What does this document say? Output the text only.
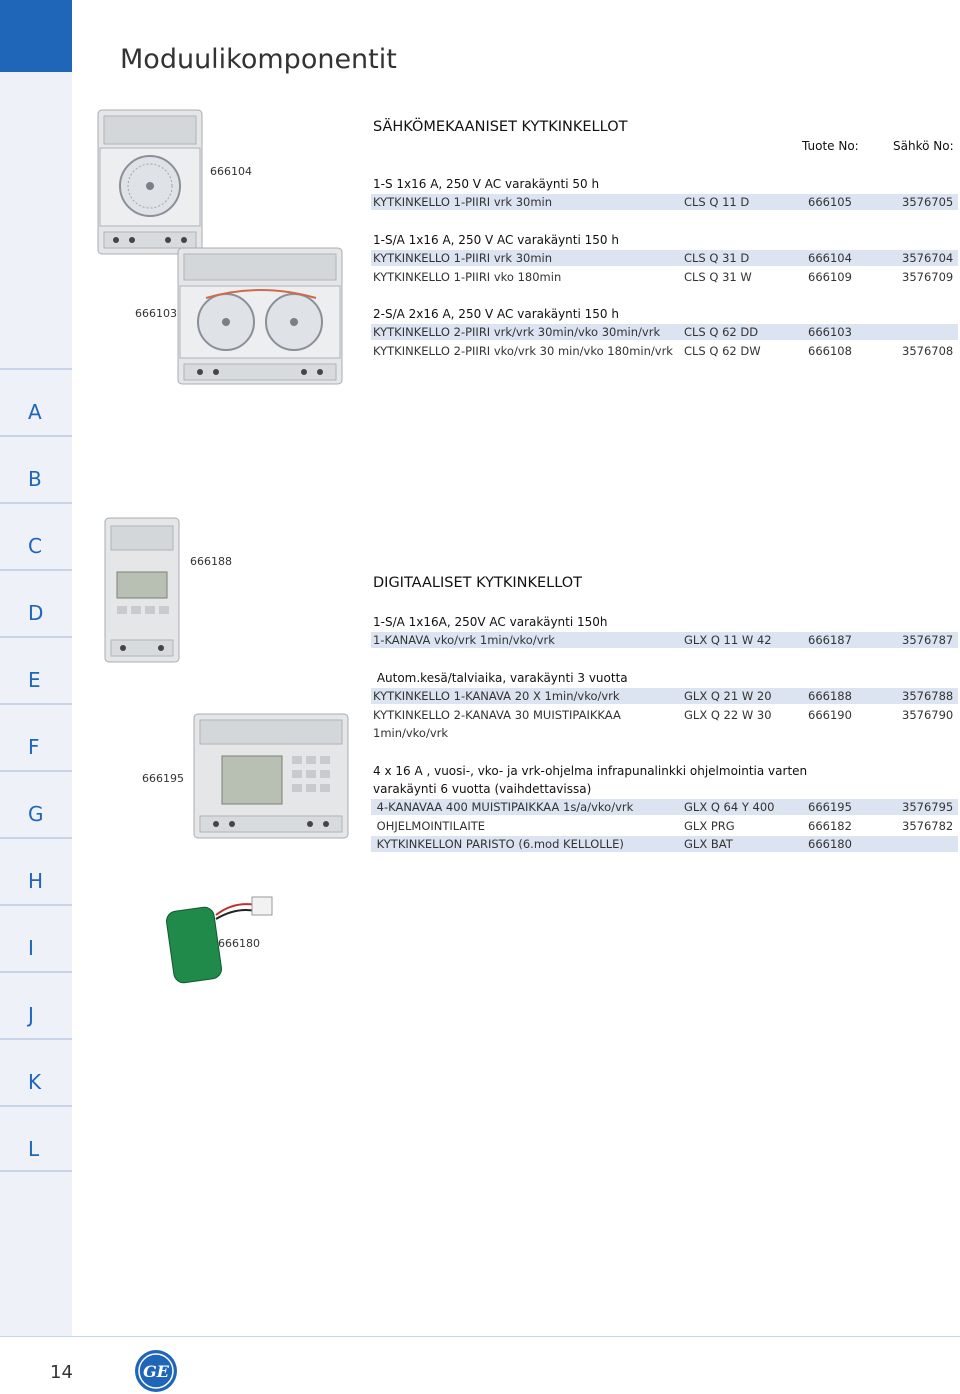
A
B
C
D
E
F
G
H
I
J
K
L
Moduulikomponentit
666104
666103
666188
666195
666180
SÄHKÖMEKAANISET KYTKINKELLOT
Tuote No:	Sähkö No:
1-S 1x16 A, 250 V AC varakäynti 50 h
KYTKINKELLO 1-PIIRI vrk 30min	CLS Q 11 D	666105	3576705
1-S/A 1x16 A, 250 V AC varakäynti 150 h
KYTKINKELLO 1-PIIRI vrk 30min	CLS Q 31 D	666104	3576704
KYTKINKELLO 1-PIIRI vko 180min	CLS Q 31 W	666109	3576709
2-S/A 2x16 A, 250 V AC varakäynti 150 h
KYTKINKELLO 2-PIIRI vrk/vrk 30min/vko 30min/vrk CLS Q 62 DD	666103
KYTKINKELLO 2-PIIRI vko/vrk 30 min/vko 180min/vrk CLS Q 62 DW	666108	3576708
DIGITAALISET KYTKINKELLOT
1-S/A 1x16A, 250V AC varakäynti 150h
1-KANAVA vko/vrk 1min/vko/vrk	GLX Q 11 W 42	666187	3576787
Autom.kesä/talviaika, varakäynti 3 vuotta
KYTKINKELLO 1-KANAVA 20 X 1min/vko/vrk	GLX Q 21 W 20	666188	3576788
KYTKINKELLO 2-KANAVA 30 MUISTIPAIKKAA	GLX Q 22 W 30	666190	3576790
1min/vko/vrk
4 x 16 A , vuosi-, vko- ja vrk-ohjelma infrapunalinkki ohjelmointia varten
varakäynti 6 vuotta (vaihdettavissa)
4-KANAVAA 400 MUISTIPAIKKAA 1s/a/vko/vrk	GLX Q 64 Y 400	666195	3576795
OHJELMOINTILAITE	GLX PRG	666182	3576782
KYTKINKELLON PARISTO (6.mod KELLOLLE)	GLX BAT	666180
14	GE
